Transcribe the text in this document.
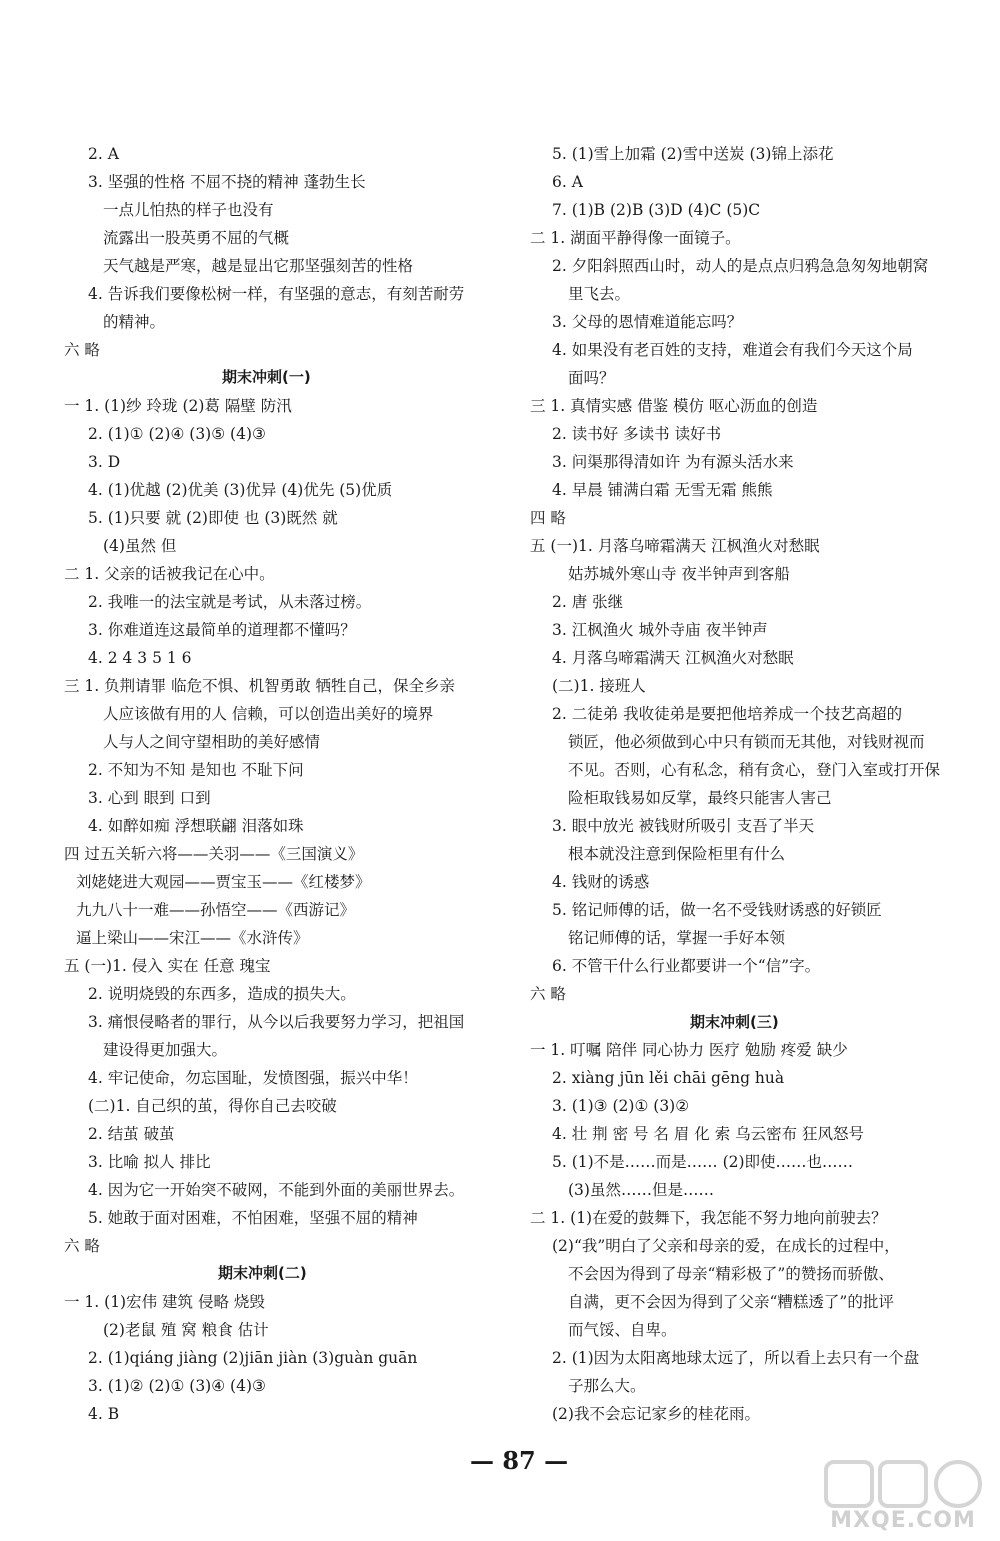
2. A
3. 坚强的性格 不屈不挠的精神 蓬勃生长
一点儿怕热的样子也没有
流露出一股英勇不屈的气概
天气越是严寒，越是显出它那坚强刻苦的性格
4. 告诉我们要像松树一样，有坚强的意志，有刻苦耐劳
的精神。
六 略
期末冲刺(一)
一 1. (1)纱 玲珑 (2)葛 隔壁 防汛
2. (1)① (2)④ (3)⑤ (4)③
3. D
4. (1)优越 (2)优美 (3)优异 (4)优先 (5)优质
5. (1)只要 就 (2)即使 也 (3)既然 就
(4)虽然 但
二 1. 父亲的话被我记在心中。
2. 我唯一的法宝就是考试，从未落过榜。
3. 你难道连这最简单的道理都不懂吗？
4. 2 4 3 5 1 6
三 1. 负荆请罪 临危不惧、机智勇敢 牺牲自己，保全乡亲
人应该做有用的人 信赖，可以创造出美好的境界
人与人之间守望相助的美好感情
2. 不知为不知 是知也 不耻下问
3. 心到 眼到 口到
4. 如醉如痴 浮想联翩 泪落如珠
四 过五关斩六将——关羽——《三国演义》
刘姥姥进大观园——贾宝玉——《红楼梦》
九九八十一难——孙悟空——《西游记》
逼上梁山——宋江——《水浒传》
五 (一)1. 侵入 实在 任意 瑰宝
2. 说明烧毁的东西多，造成的损失大。
3. 痛恨侵略者的罪行，从今以后我要努力学习，把祖国
建设得更加强大。
4. 牢记使命，勿忘国耻，发愤图强，振兴中华！
(二)1. 自己织的茧，得你自己去咬破
2. 结茧 破茧
3. 比喻 拟人 排比
4. 因为它一开始突不破网，不能到外面的美丽世界去。
5. 她敢于面对困难，不怕困难，坚强不屈的精神
六 略
期末冲刺(二)
一 1. (1)宏伟 建筑 侵略 烧毁
(2)老鼠 殖 窝 粮食 估计
2. (1)qiáng jiàng (2)jiān jiàn (3)guàn guān
3. (1)② (2)① (3)④ (4)③
4. B
5. (1)雪上加霜 (2)雪中送炭 (3)锦上添花
6. A
7. (1)B (2)B (3)D (4)C (5)C
二 1. 湖面平静得像一面镜子。
2. 夕阳斜照西山时，动人的是点点归鸦急急匆匆地朝窝
里飞去。
3. 父母的恩情难道能忘吗？
4. 如果没有老百姓的支持，难道会有我们今天这个局
面吗？
三 1. 真情实感 借鉴 模仿 呕心沥血的创造
2. 读书好 多读书 读好书
3. 问渠那得清如许 为有源头活水来
4. 早晨 铺满白霜 无雪无霜 熊熊
四 略
五 (一)1. 月落乌啼霜满天 江枫渔火对愁眠
姑苏城外寒山寺 夜半钟声到客船
2. 唐 张继
3. 江枫渔火 城外寺庙 夜半钟声
4. 月落乌啼霜满天 江枫渔火对愁眠
(二)1. 接班人
2. 二徒弟 我收徒弟是要把他培养成一个技艺高超的
锁匠，他必须做到心中只有锁而无其他，对钱财视而
不见。否则，心有私念，稍有贪心，登门入室或打开保
险柜取钱易如反掌，最终只能害人害己
3. 眼中放光 被钱财所吸引 支吾了半天
根本就没注意到保险柜里有什么
4. 钱财的诱惑
5. 铭记师傅的话，做一名不受钱财诱惑的好锁匠
铭记师傅的话，掌握一手好本领
6. 不管干什么行业都要讲一个“信”字。
六 略
期末冲刺(三)
一 1. 叮嘱 陪伴 同心协力 医疗 勉励 疼爱 缺少
2. xiàng jūn lěi chāi gēng huà
3. (1)③ (2)① (3)②
4. 壮 荆 密 号 名 眉 化 索 乌云密布 狂风怒号
5. (1)不是……而是…… (2)即使……也……
(3)虽然……但是……
二 1. (1)在爱的鼓舞下，我怎能不努力地向前驶去？
(2)“我”明白了父亲和母亲的爱，在成长的过程中，
不会因为得到了母亲“精彩极了”的赞扬而骄傲、
自满，更不会因为得到了父亲“糟糕透了”的批评
而气馁、自卑。
2. (1)因为太阳离地球太远了，所以看上去只有一个盘
子那么大。
(2)我不会忘记家乡的桂花雨。
— 87 —
MXQE.COM
